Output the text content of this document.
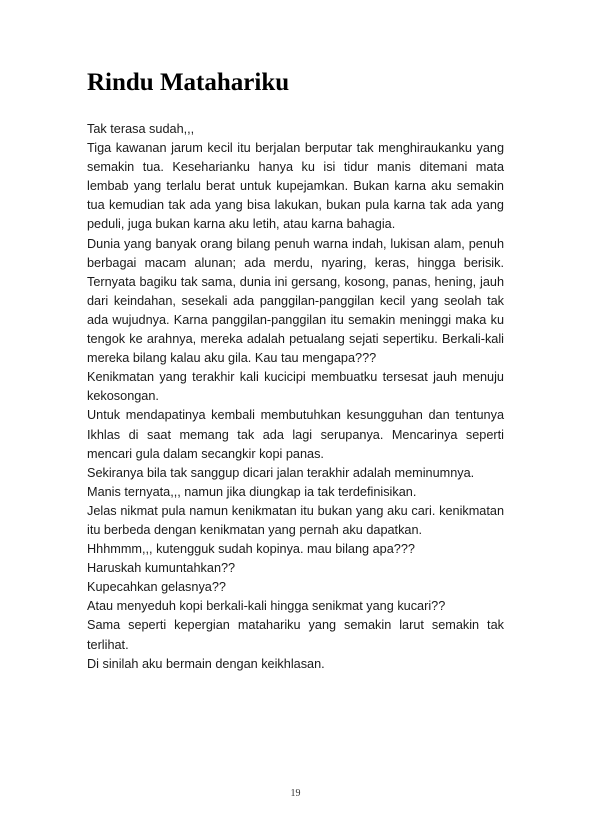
Rindu Matahariku

Tak terasa sudah,,,

Tiga kawanan jarum kecil itu berjalan berputar tak menghiraukanku yang semakin tua. Keseharianku hanya ku isi tidur manis ditemani mata lembab yang terlalu berat untuk kupejamkan. Bukan karna aku semakin tua kemudian tak ada yang bisa lakukan, bukan pula karna tak ada yang peduli, juga bukan karna aku letih, atau karna bahagia.

Dunia yang banyak orang bilang penuh warna indah, lukisan alam, penuh berbagai macam alunan; ada merdu, nyaring, keras, hingga berisik. Ternyata bagiku tak sama, dunia ini gersang, kosong, panas, hening, jauh dari keindahan, sesekali ada panggilan-panggilan kecil yang seolah tak ada wujudnya. Karna panggilan-panggilan itu semakin meninggi maka ku tengok ke arahnya, mereka adalah petualang sejati sepertiku. Berkali-kali mereka bilang kalau aku gila. Kau tau mengapa???

Kenikmatan yang terakhir kali kucicipi membuatku tersesat jauh menuju kekosongan.

Untuk mendapatinya kembali membutuhkan kesungguhan dan tentunya Ikhlas di saat memang tak ada lagi serupanya. Mencarinya seperti mencari gula dalam secangkir kopi panas.

Sekiranya bila tak sanggup dicari jalan terakhir adalah meminumnya.

Manis ternyata,,, namun jika diungkap ia tak terdefinisikan.

Jelas nikmat pula namun kenikmatan itu bukan yang aku cari. kenikmatan itu berbeda dengan kenikmatan yang pernah aku dapatkan.

Hhhmmm,,, kutengguk sudah kopinya. mau bilang apa???

Haruskah kumuntahkan??

Kupecahkan gelasnya??

Atau menyeduh kopi berkali-kali hingga senikmat yang kucari??

Sama seperti kepergian matahariku yang semakin larut semakin tak terlihat.

Di sinilah aku bermain dengan keikhlasan.

19
